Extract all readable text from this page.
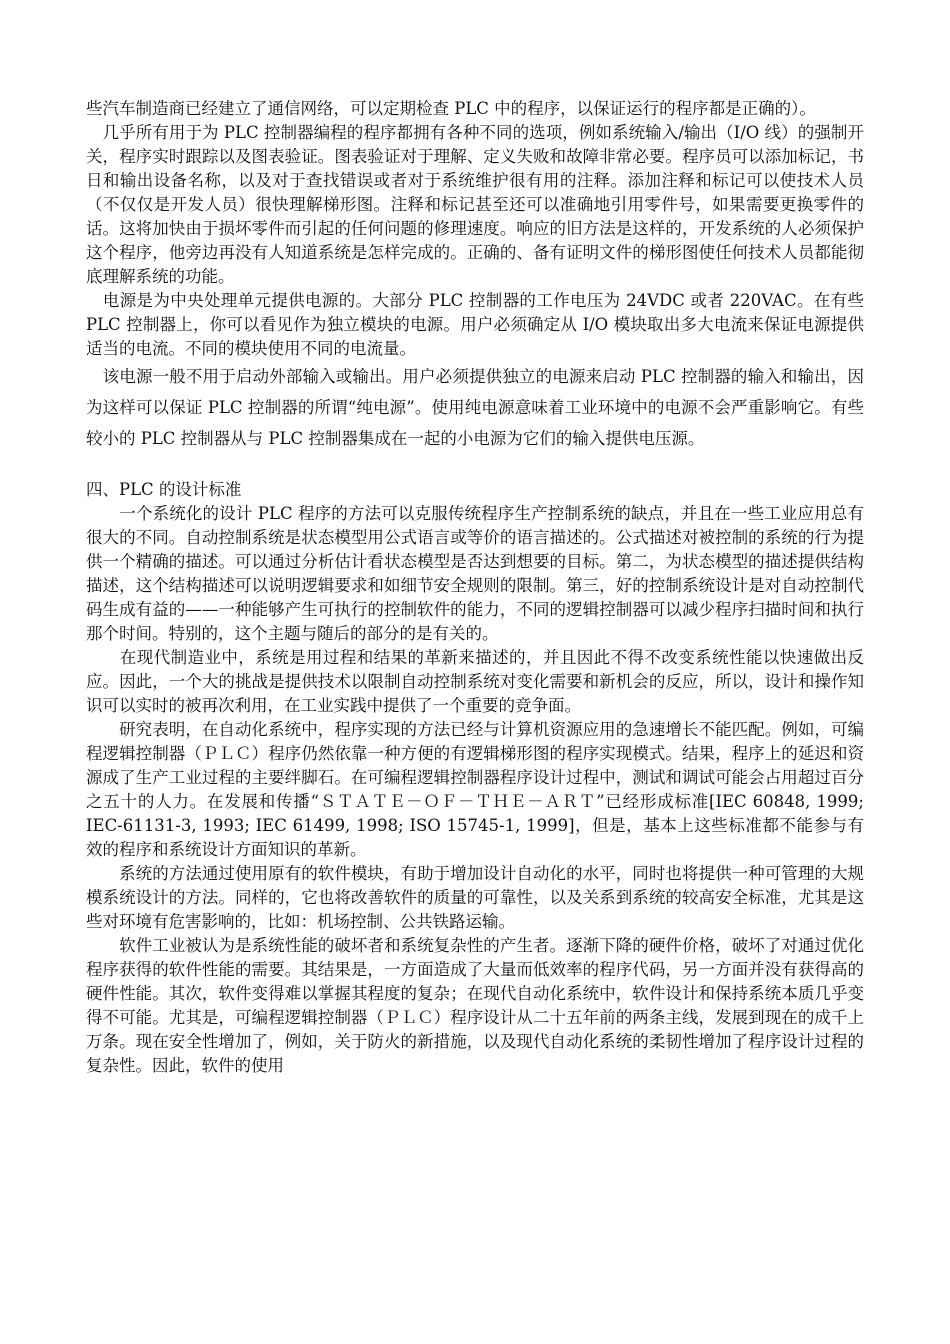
些汽车制造商已经建立了通信网络，可以定期检查 PLC 中的程序，以保证运行的程序都是正确的）。

　几乎所有用于为 PLC 控制器编程的程序都拥有各种不同的选项，例如系统输入/输出（I/O 线）的强制开关，程序实时跟踪以及图表验证。图表验证对于理解、定义失败和故障非常必要。程序员可以添加标记，书日和输出设备名称，以及对于查找错误或者对于系统维护很有用的注释。添加注释和标记可以使技术人员（不仅仅是开发人员）很快理解梯形图。注释和标记甚至还可以准确地引用零件号，如果需要更换零件的话。这将加快由于损坏零件而引起的任何问题的修理速度。响应的旧方法是这样的，开发系统的人必须保护这个程序，他旁边再没有人知道系统是怎样完成的。正确的、备有证明文件的梯形图使任何技术人员都能彻底理解系统的功能。

　电源是为中央处理单元提供电源的。大部分 PLC 控制器的工作电压为 24VDC 或者 220VAC。在有些 PLC 控制器上，你可以看见作为独立模块的电源。用户必须确定从 I/O 模块取出多大电流来保证电源提供适当的电流。不同的模块使用不同的电流量。

　该电源一般不用于启动外部输入或输出。用户必须提供独立的电源来启动 PLC 控制器的输入和输出，因为这样可以保证 PLC 控制器的所谓“纯电源”。使用纯电源意味着工业环境中的电源不会严重影响它。有些较小的 PLC 控制器从与 PLC 控制器集成在一起的小电源为它们的输入提供电压源。

四、PLC 的设计标准

　　一个系统化的设计 PLC 程序的方法可以克服传统程序生产控制系统的缺点，并且在一些工业应用总有很大的不同。自动控制系统是状态模型用公式语言或等价的语言描述的。公式描述对被控制的系统的行为提供一个精确的描述。可以通过分析估计看状态模型是否达到想要的目标。第二，为状态模型的描述提供结构描述，这个结构描述可以说明逻辑要求和如细节安全规则的限制。第三，好的控制系统设计是对自动控制代码生成有益的——一种能够产生可执行的控制软件的能力，不同的逻辑控制器可以减少程序扫描时间和执行那个时间。特别的，这个主题与随后的部分的是有关的。

　　在现代制造业中，系统是用过程和结果的革新来描述的，并且因此不得不改变系统性能以快速做出反应。因此，一个大的挑战是提供技术以限制自动控制系统对变化需要和新机会的反应，所以，设计和操作知识可以实时的被再次利用，在工业实践中提供了一个重要的竞争面。

　　研究表明，在自动化系统中，程序实现的方法已经与计算机资源应用的急速增长不能匹配。例如，可编程逻辑控制器（ＰＬＣ）程序仍然依靠一种方便的有逻辑梯形图的程序实现模式。结果，程序上的延迟和资源成了生产工业过程的主要绊脚石。在可编程逻辑控制器程序设计过程中，测试和调试可能会占用超过百分之五十的人力。在发展和传播“ＳＴＡＴＥ－ＯＦ－ＴＨＥ－ＡＲＴ”已经形成标准[IEC 60848, 1999; IEC-61131-3, 1993; IEC 61499, 1998; ISO 15745-1, 1999]，但是，基本上这些标准都不能参与有效的程序和系统设计方面知识的革新。

　　系统的方法通过使用原有的软件模块，有助于增加设计自动化的水平，同时也将提供一种可管理的大规模系统设计的方法。同样的，它也将改善软件的质量的可靠性，以及关系到系统的较高安全标准，尤其是这些对环境有危害影响的，比如：机场控制、公共铁路运输。

　　软件工业被认为是系统性能的破坏者和系统复杂性的产生者。逐渐下降的硬件价格，破坏了对通过优化程序获得的软件性能的需要。其结果是，一方面造成了大量而低效率的程序代码，另一方面并没有获得高的硬件性能。其次，软件变得难以掌握其程度的复杂；在现代自动化系统中，软件设计和保持系统本质几乎变得不可能。尤其是，可编程逻辑控制器（ＰＬＣ）程序设计从二十五年前的两条主线，发展到现在的成千上万条。现在安全性增加了，例如，关于防火的新措施，以及现代自动化系统的柔韧性增加了程序设计过程的复杂性。因此，软件的使用
